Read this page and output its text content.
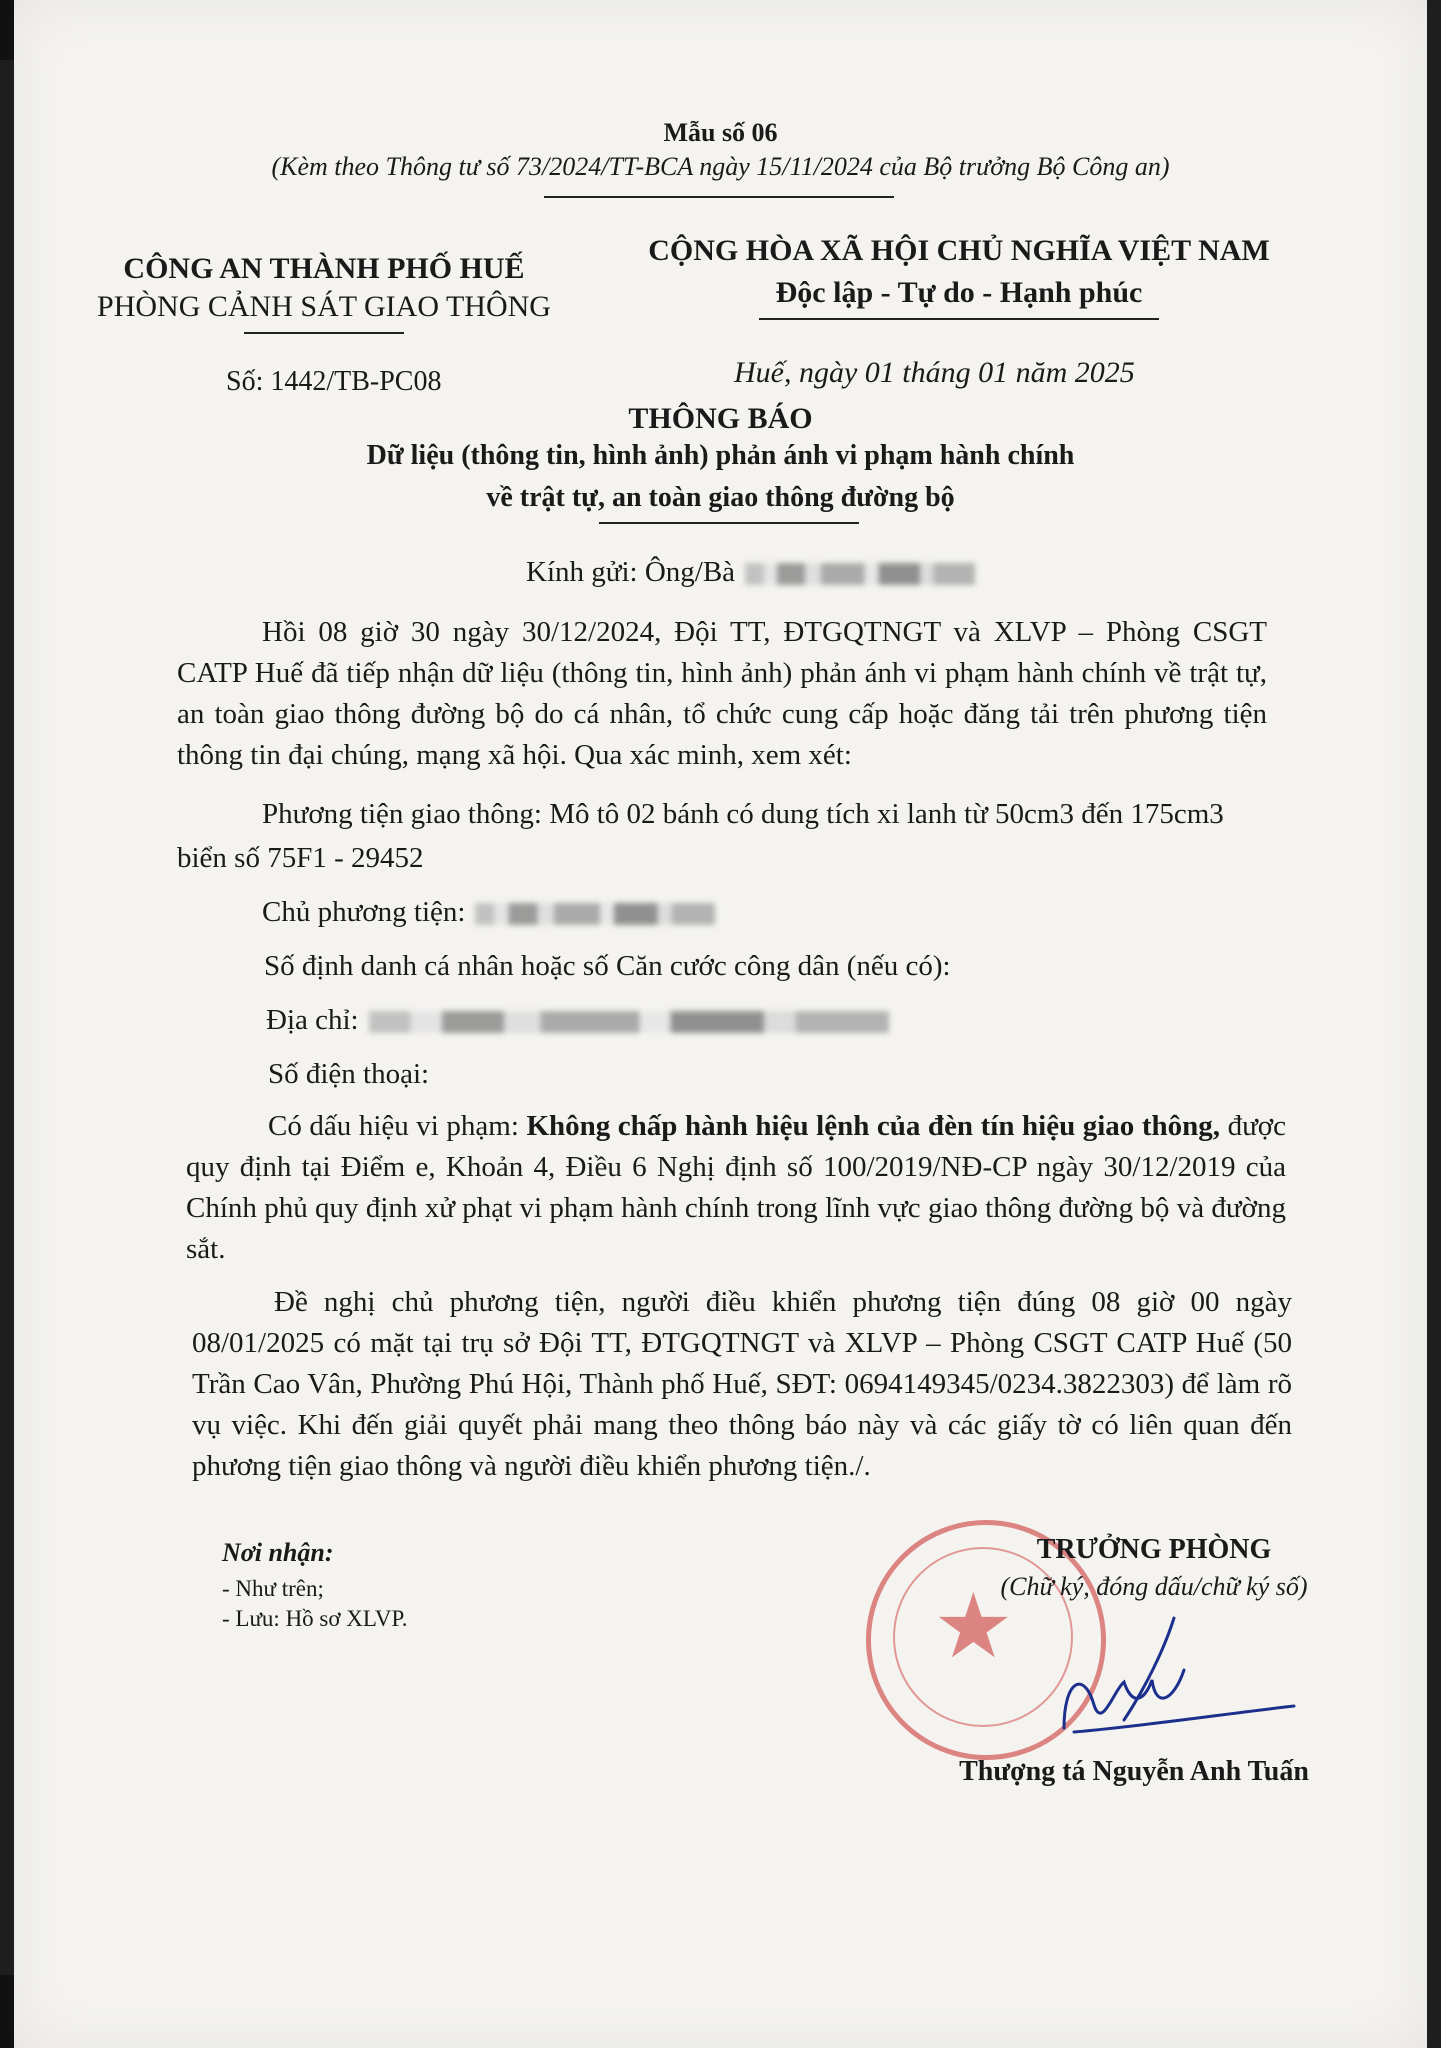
Mẫu số 06
(Kèm theo Thông tư số 73/2024/TT-BCA ngày 15/11/2024 của Bộ trưởng Bộ Công an)
CÔNG AN THÀNH PHỐ HUẾ
PHÒNG CẢNH SÁT GIAO THÔNG
CỘNG HÒA XÃ HỘI CHỦ NGHĨA VIỆT NAM
Độc lập - Tự do - Hạnh phúc
Số: 1442/TB-PC08	Huế, ngày 01 tháng 01 năm 2025
THÔNG BÁO
Dữ liệu (thông tin, hình ảnh) phản ánh vi phạm hành chính
về trật tự, an toàn giao thông đường bộ
Kính gửi: Ông/Bà
Hồi 08 giờ 30 ngày 30/12/2024, Đội TT, ĐTGQTNGT và XLVP – Phòng CSGT CATP Huế đã tiếp nhận dữ liệu (thông tin, hình ảnh) phản ánh vi phạm hành chính về trật tự, an toàn giao thông đường bộ do cá nhân, tổ chức cung cấp hoặc đăng tải trên phương tiện thông tin đại chúng, mạng xã hội. Qua xác minh, xem xét:
Phương tiện giao thông: Mô tô 02 bánh có dung tích xi lanh từ 50cm3 đến 175cm3
biển số 75F1 - 29452
Chủ phương tiện:
Số định danh cá nhân hoặc số Căn cước công dân (nếu có):
Địa chỉ:
Số điện thoại:
Có dấu hiệu vi phạm: Không chấp hành hiệu lệnh của đèn tín hiệu giao thông, được quy định tại Điểm e, Khoản 4, Điều 6 Nghị định số 100/2019/NĐ-CP ngày 30/12/2019 của Chính phủ quy định xử phạt vi phạm hành chính trong lĩnh vực giao thông đường bộ và đường sắt.
Đề nghị chủ phương tiện, người điều khiển phương tiện đúng 08 giờ 00 ngày 08/01/2025 có mặt tại trụ sở Đội TT, ĐTGQTNGT và XLVP – Phòng CSGT CATP Huế (50 Trần Cao Vân, Phường Phú Hội, Thành phố Huế, SĐT: 0694149345/0234.3822303) để làm rõ vụ việc. Khi đến giải quyết phải mang theo thông báo này và các giấy tờ có liên quan đến phương tiện giao thông và người điều khiển phương tiện./.
Nơi nhận:
- Như trên;
- Lưu: Hồ sơ XLVP.	★
TRƯỞNG PHÒNG
(Chữ ký, đóng dấu/chữ ký số)
Thượng tá Nguyễn Anh Tuấn
